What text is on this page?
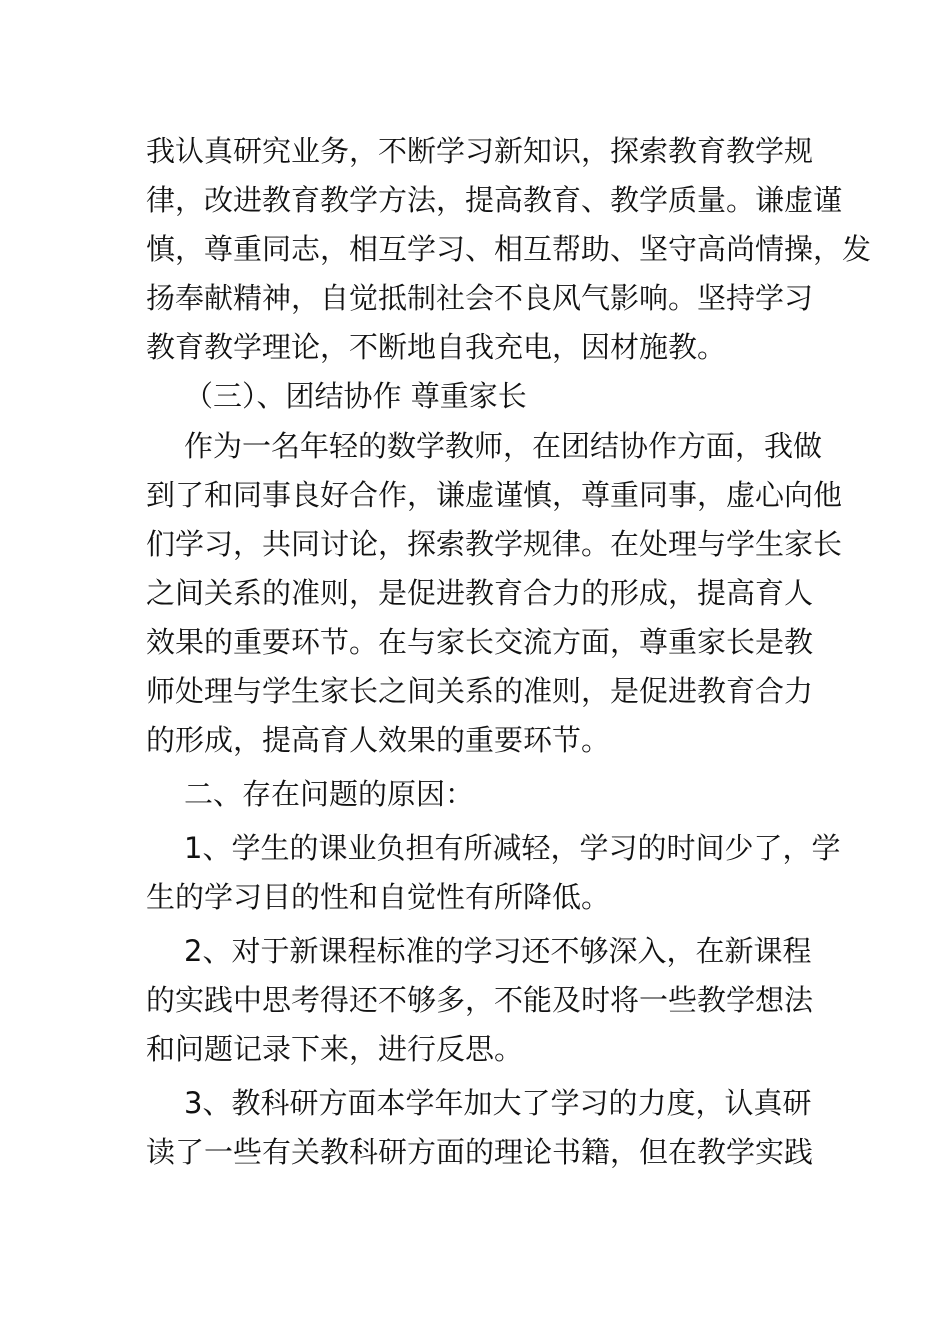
我认真研究业务，不断学习新知识，探索教育教学规
律，改进教育教学方法，提高教育、教学质量。谦虚谨
慎，尊重同志，相互学习、相互帮助、坚守高尚情操，发
扬奉献精神，自觉抵制社会不良风气影响。坚持学习
教育教学理论，不断地自我充电，因材施教。
（三）、团结协作 尊重家长
作为一名年轻的数学教师，在团结协作方面，我做
到了和同事良好合作，谦虚谨慎，尊重同事，虚心向他
们学习，共同讨论，探索教学规律。在处理与学生家长
之间关系的准则，是促进教育合力的形成，提高育人
效果的重要环节。在与家长交流方面，尊重家长是教
师处理与学生家长之间关系的准则，是促进教育合力
的形成，提高育人效果的重要环节。
二、存在问题的原因：
1、学生的课业负担有所减轻，学习的时间少了，学
生的学习目的性和自觉性有所降低。
2、对于新课程标准的学习还不够深入，在新课程
的实践中思考得还不够多，不能及时将一些教学想法
和问题记录下来，进行反思。
3、教科研方面本学年加大了学习的力度，认真研
读了一些有关教科研方面的理论书籍，但在教学实践
